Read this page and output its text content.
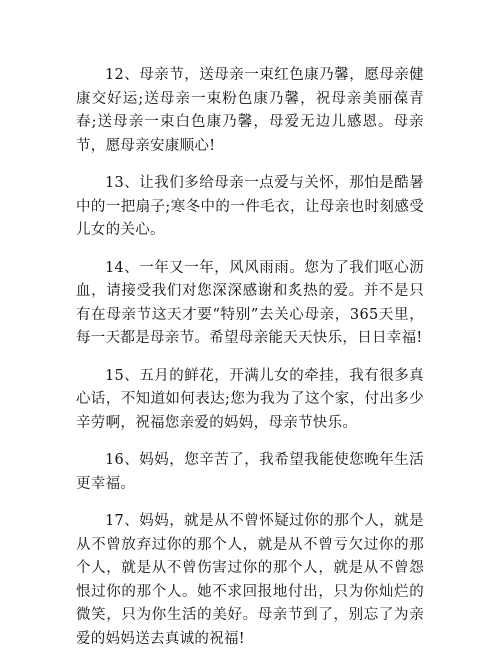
12、母亲节，送母亲一束红色康乃馨，愿母亲健康交好运;送母亲一束粉色康乃馨，祝母亲美丽葆青春;送母亲一束白色康乃馨，母爱无边儿感恩。母亲节，愿母亲安康顺心!

13、让我们多给母亲一点爱与关怀，那怕是酷暑中的一把扇子;寒冬中的一件毛衣，让母亲也时刻感受儿女的关心。

14、一年又一年，风风雨雨。您为了我们呕心沥血，请接受我们对您深深感谢和炙热的爱。并不是只有在母亲节这天才要“特别”去关心母亲，365天里，每一天都是母亲节。希望母亲能天天快乐，日日幸福!

15、五月的鲜花，开满儿女的牵挂，我有很多真心话，不知道如何表达;您为我为了这个家，付出多少辛劳啊，祝福您亲爱的妈妈，母亲节快乐。

16、妈妈，您辛苦了，我希望我能使您晚年生活更幸福。

17、妈妈，就是从不曾怀疑过你的那个人，就是从不曾放弃过你的那个人，就是从不曾亏欠过你的那个人，就是从不曾伤害过你的那个人，就是从不曾怨恨过你的那个人。她不求回报地付出，只为你灿烂的微笑，只为你生活的美好。母亲节到了，别忘了为亲爱的妈妈送去真诚的祝福!
